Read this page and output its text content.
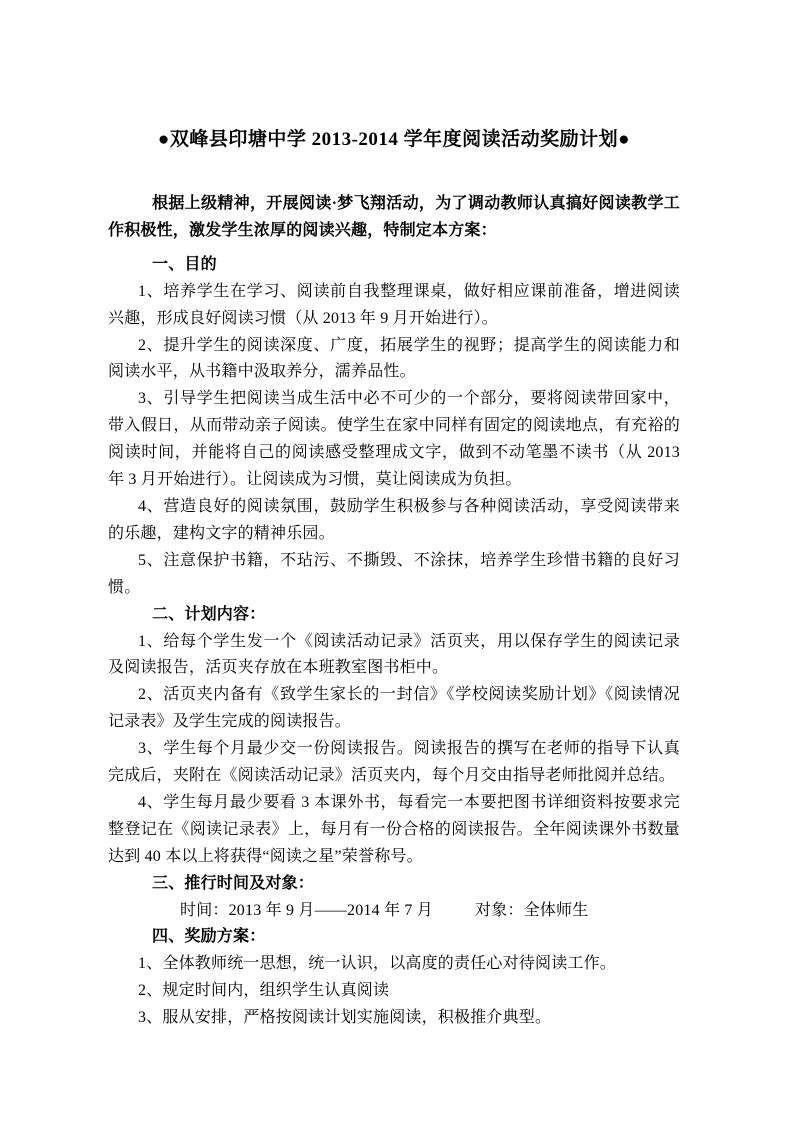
●双峰县印塘中学 2013-2014 学年度阅读活动奖励计划●

根据上级精神，开展阅读·梦飞翔活动，为了调动教师认真搞好阅读教学工作积极性，激发学生浓厚的阅读兴趣，特制定本方案：

一、目的

1、培养学生在学习、阅读前自我整理课桌，做好相应课前准备，增进阅读兴趣，形成良好阅读习惯（从 2013 年 9 月开始进行）。

2、提升学生的阅读深度、广度，拓展学生的视野；提高学生的阅读能力和阅读水平，从书籍中汲取养分，濡养品性。

3、引导学生把阅读当成生活中必不可少的一个部分，要将阅读带回家中，带入假日，从而带动亲子阅读。使学生在家中同样有固定的阅读地点，有充裕的阅读时间，并能将自己的阅读感受整理成文字，做到不动笔墨不读书（从 2013 年 3 月开始进行）。让阅读成为习惯，莫让阅读成为负担。

4、营造良好的阅读氛围，鼓励学生积极参与各种阅读活动，享受阅读带来的乐趣，建构文字的精神乐园。

5、注意保护书籍，不玷污、不撕毁、不涂抹，培养学生珍惜书籍的良好习惯。

二、计划内容：

1、给每个学生发一个《阅读活动记录》活页夹，用以保存学生的阅读记录及阅读报告，活页夹存放在本班教室图书柜中。

2、活页夹内备有《致学生家长的一封信》《学校阅读奖励计划》《阅读情况记录表》及学生完成的阅读报告。

3、学生每个月最少交一份阅读报告。阅读报告的撰写在老师的指导下认真完成后，夹附在《阅读活动记录》活页夹内，每个月交由指导老师批阅并总结。

4、学生每月最少要看 3 本课外书，每看完一本要把图书详细资料按要求完整登记在《阅读记录表》上，每月有一份合格的阅读报告。全年阅读课外书数量达到 40 本以上将获得“阅读之星”荣誉称号。

三、推行时间及对象：

时间：2013 年 9 月——2014 年 7 月	对象：全体师生

四、奖励方案：

1、全体教师统一思想，统一认识，以高度的责任心对待阅读工作。

2、规定时间内，组织学生认真阅读

3、服从安排，严格按阅读计划实施阅读，积极推介典型。
